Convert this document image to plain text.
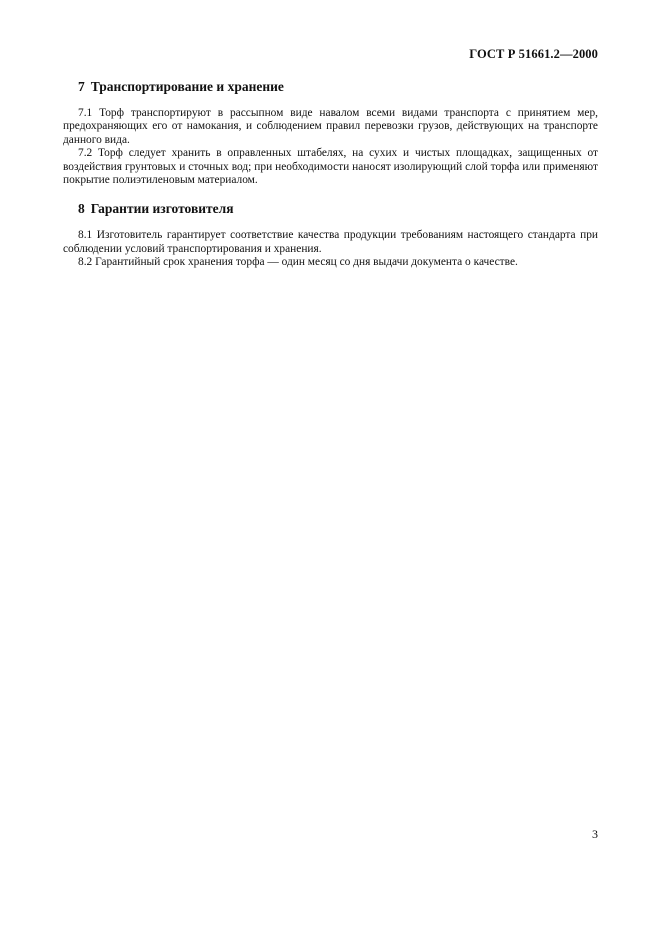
ГОСТ Р 51661.2—2000
7 Транспортирование и хранение

7.1 Торф транспортируют в рассыпном виде навалом всеми видами транспорта с принятием мер, предохраняющих его от намокания, и соблюдением правил перевозки грузов, действующих на транспорте данного вида.

7.2 Торф следует хранить в оправленных штабелях, на сухих и чистых площадках, защищенных от воздействия грунтовых и сточных вод; при необходимости наносят изолирующий слой торфа или применяют покрытие полиэтиленовым материалом.

8 Гарантии изготовителя

8.1 Изготовитель гарантирует соответствие качества продукции требованиям настоящего стандарта при соблюдении условий транспортирования и хранения.

8.2 Гарантийный срок хранения торфа — один месяц со дня выдачи документа о качестве.

3
